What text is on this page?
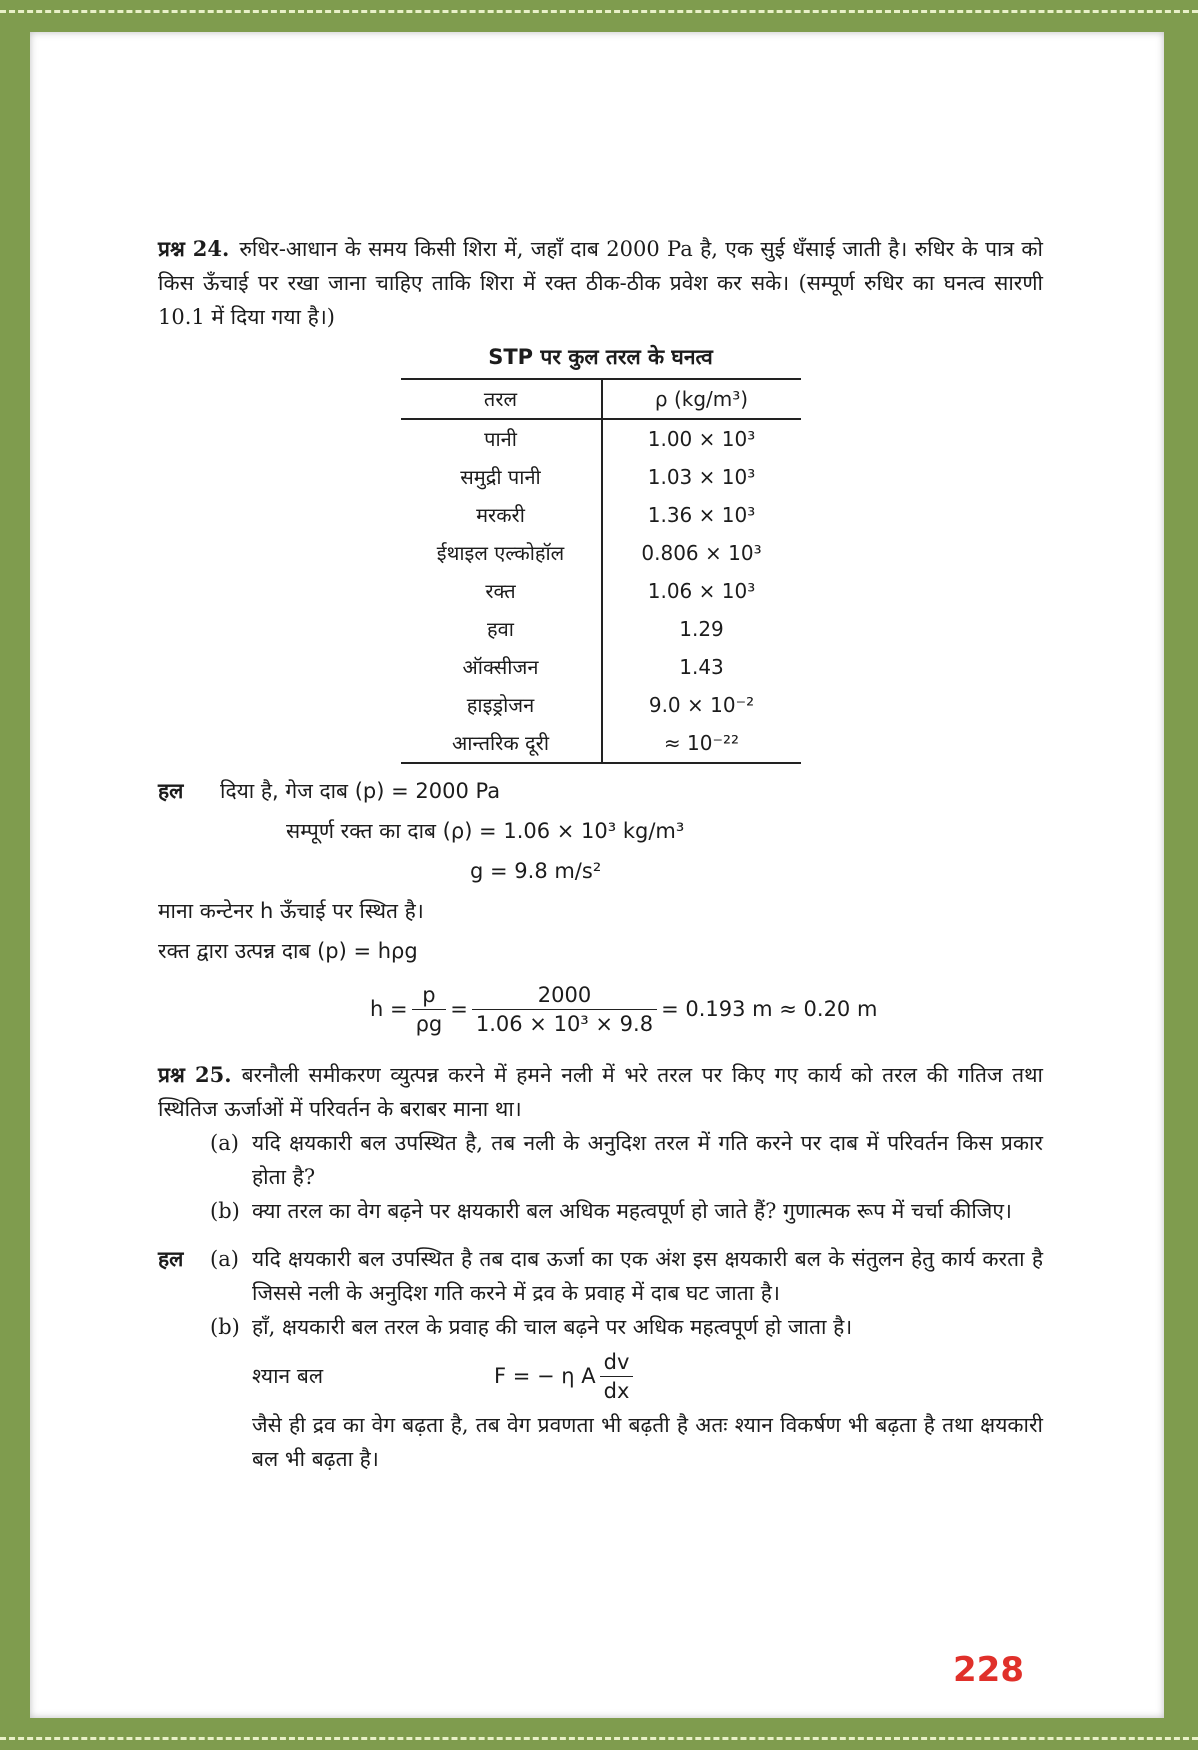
प्रश्न 24. रुधिर-आधान के समय किसी शिरा में, जहाँ दाब 2000 Pa है, एक सुई धँसाई जाती है। रुधिर के पात्र को किस ऊँचाई पर रखा जाना चाहिए ताकि शिरा में रक्त ठीक-ठीक प्रवेश कर सके। (सम्पूर्ण रुधिर का घनत्व सारणी 10.1 में दिया गया है।)

STP पर कुल तरल के घनत्व
तरल	ρ (kg/m³)
पानी	1.00 × 10³
समुद्री पानी	1.03 × 10³
मरकरी	1.36 × 10³
ईथाइल एल्कोहॉल	0.806 × 10³
रक्त	1.06 × 10³
हवा	1.29
ऑक्सीजन	1.43
हाइड्रोजन	9.0 × 10⁻²
आन्तरिक दूरी	≈ 10⁻²²

हल दिया है, गेज दाब (p) = 2000 Pa

सम्पूर्ण रक्त का दाब (ρ) = 1.06 × 10³ kg/m³

g = 9.8 m/s²

माना कन्टेनर h ऊँचाई पर स्थित है।

रक्त द्वारा उत्पन्न दाब (p) = hρg

$h = \frac{p}{\rho g} = \frac{2000}{\text{1.06 × 10³ × 9.8}} = 0.193$ m ≈ 0.20 m

प्रश्न 25. बरनौली समीकरण व्युत्पन्न करने में हमने नली में भरे तरल पर किए गए कार्य को तरल की गतिज तथा स्थितिज ऊर्जाओं में परिवर्तन के बराबर माना था।

(a) यदि क्षयकारी बल उपस्थित है, तब नली के अनुदिश तरल में गति करने पर दाब में परिवर्तन किस प्रकार होता है?
(b) क्या तरल का वेग बढ़ने पर क्षयकारी बल अधिक महत्वपूर्ण हो जाते हैं? गुणात्मक रूप में चर्चा कीजिए।
हल	(a) यदि क्षयकारी बल उपस्थित है तब दाब ऊर्जा का एक अंश इस क्षयकारी बल के संतुलन हेतु कार्य करता है जिससे नली के अनुदिश गति करने में द्रव के प्रवाह में दाब घट जाता है।
(b) हाँ, क्षयकारी बल तरल के प्रवाह की चाल बढ़ने पर अधिक महत्वपूर्ण हो जाता है।
श्यान बल	F = − η A $\frac{dv}{dx}$

जैसे ही द्रव का वेग बढ़ता है, तब वेग प्रवणता भी बढ़ती है अतः श्यान विकर्षण भी बढ़ता है तथा क्षयकारी बल भी बढ़ता है।

228
